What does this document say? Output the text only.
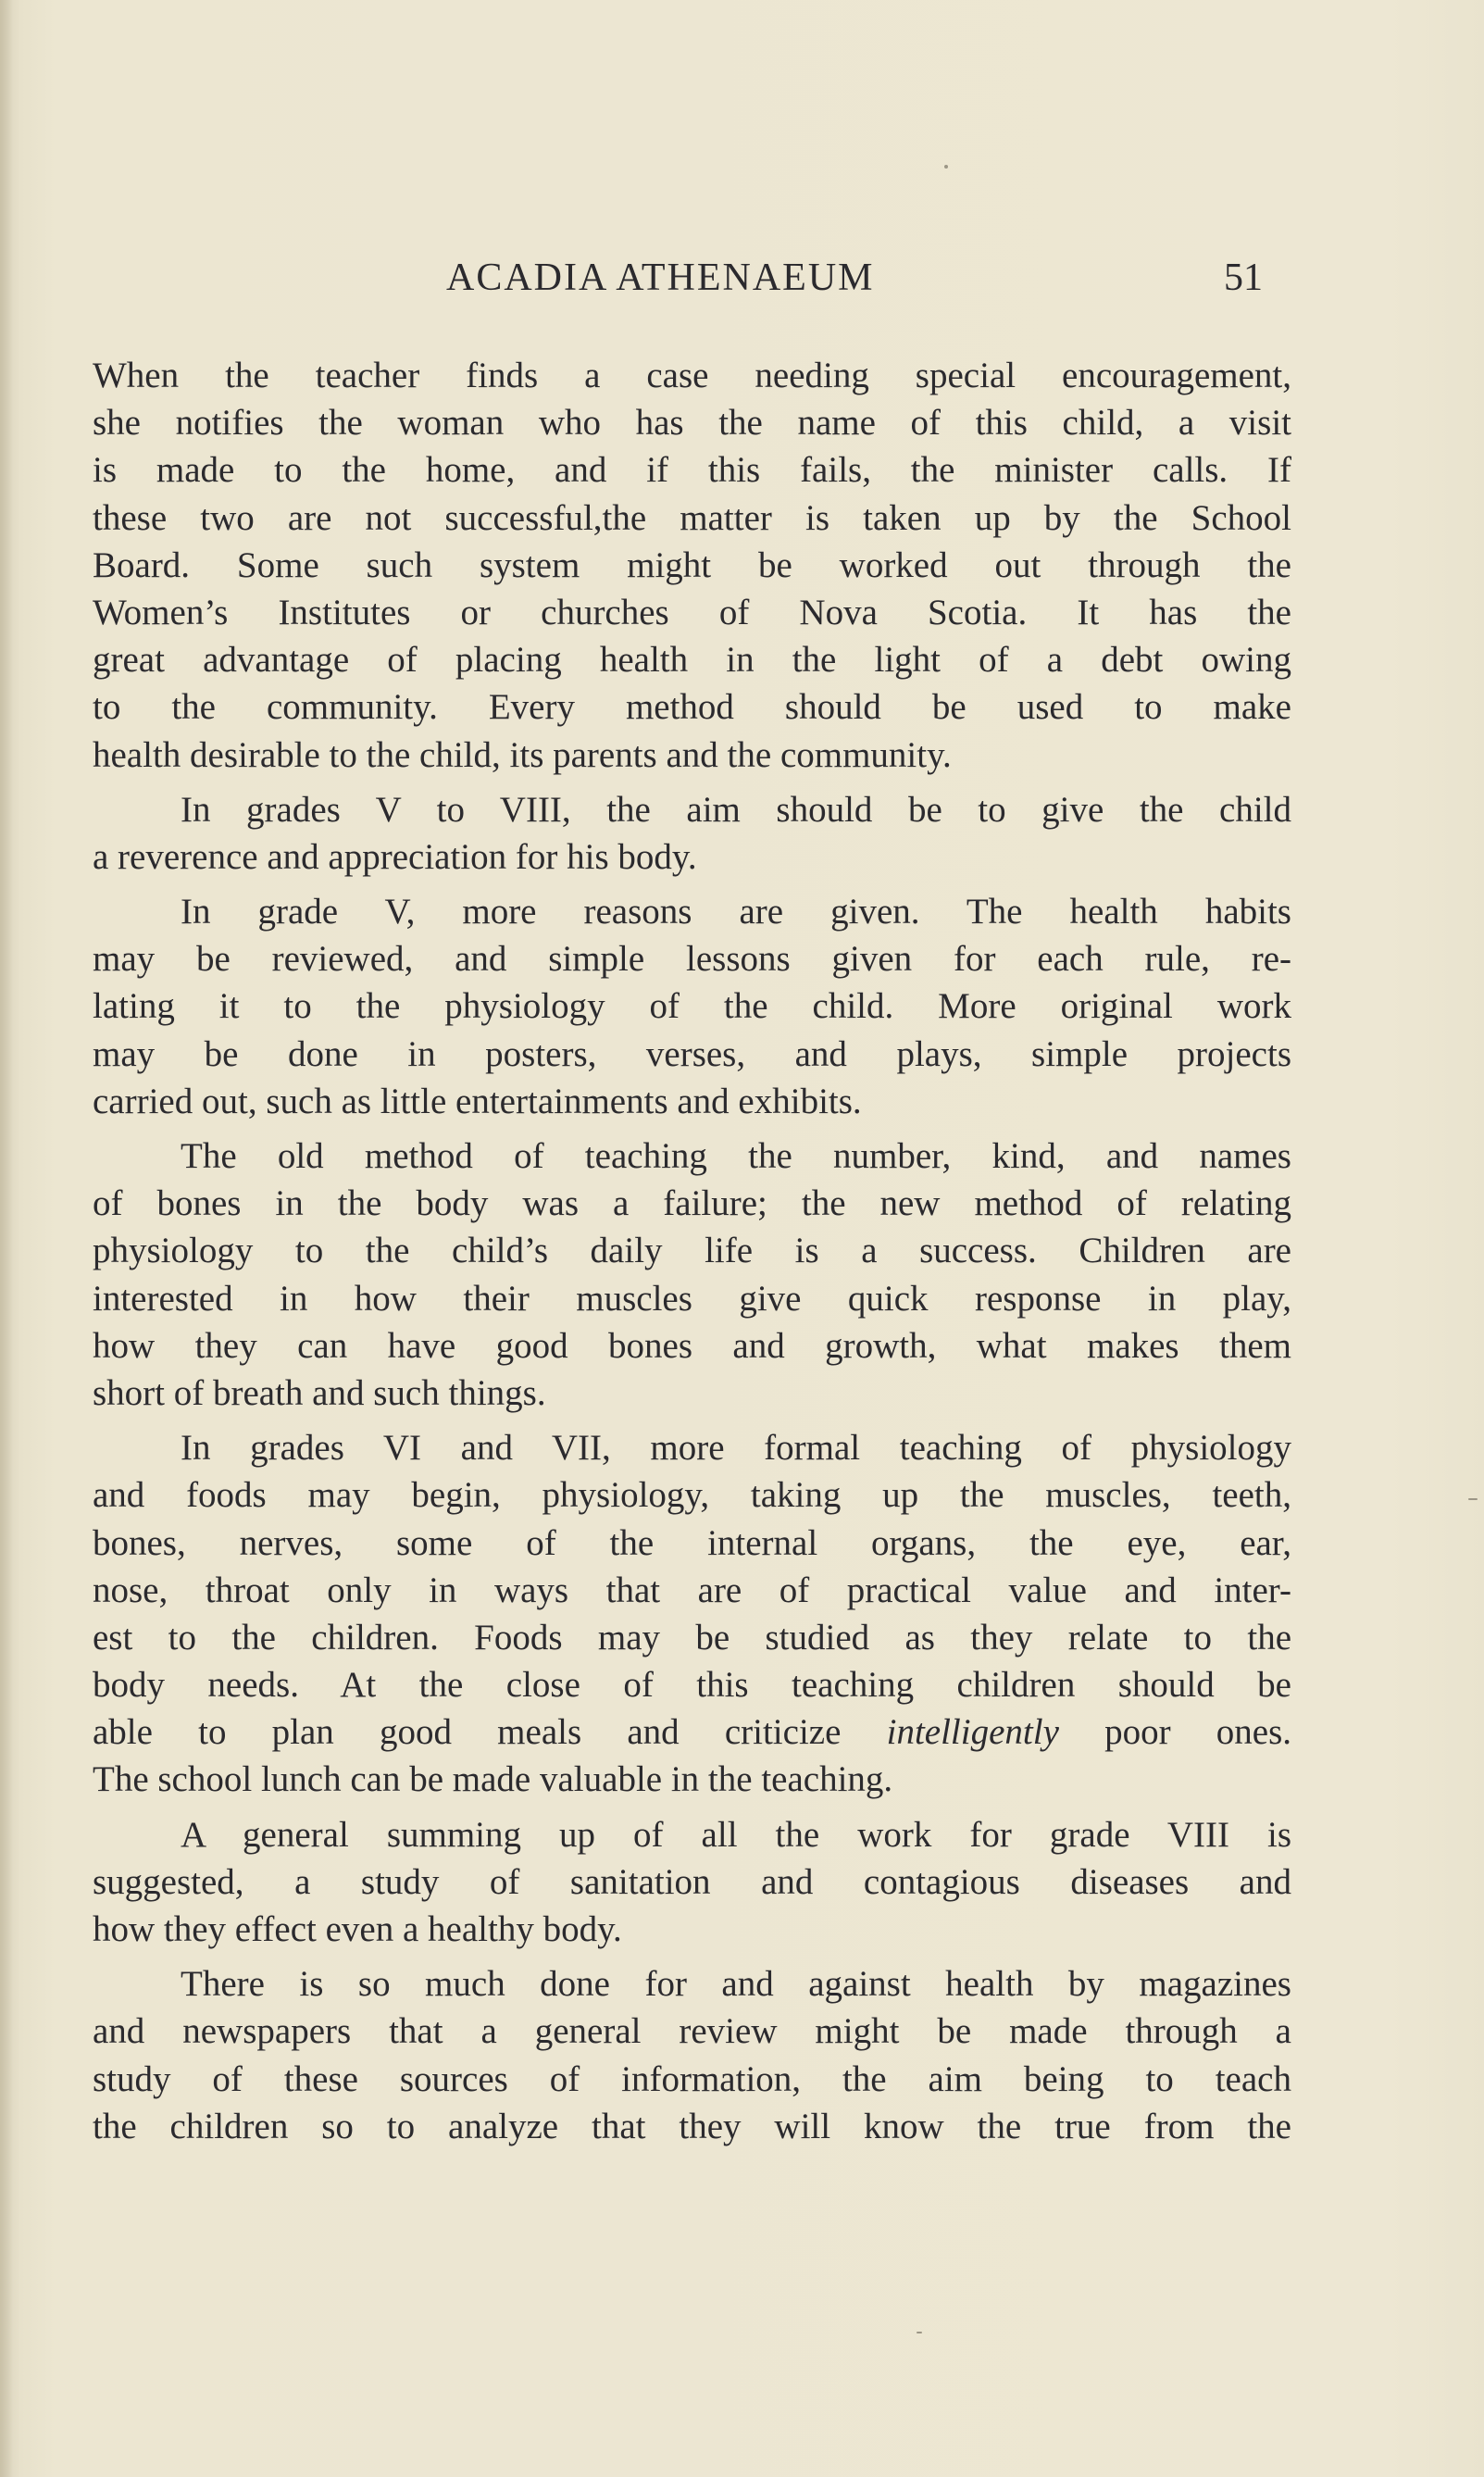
ACADIA ATHENAEUM	51
When the teacher finds a case needing special encouragement,
she notifies the woman who has the name of this child, a visit
is made to the home, and if this fails, the minister calls. If
these two are not successful,the matter is taken up by the School
Board. Some such system might be worked out through the
Women’s Institutes or churches of Nova Scotia. It has the
great advantage of placing health in the light of a debt owing
to the community. Every method should be used to make
health desirable to the child, its parents and the community.
In grades V to VIII, the aim should be to give the child
a reverence and appreciation for his body.
In grade V, more reasons are given. The health habits
may be reviewed, and simple lessons given for each rule, re-
lating it to the physiology of the child. More original work
may be done in posters, verses, and plays, simple projects
carried out, such as little entertainments and exhibits.
The old method of teaching the number, kind, and names
of bones in the body was a failure; the new method of relating
physiology to the child’s daily life is a success. Children are
interested in how their muscles give quick response in play,
how they can have good bones and growth, what makes them
short of breath and such things.
In grades VI and VII, more formal teaching of physiology
and foods may begin, physiology, taking up the muscles, teeth,
bones, nerves, some of the internal organs, the eye, ear,
nose, throat only in ways that are of practical value and inter-
est to the children. Foods may be studied as they relate to the
body needs. At the close of this teaching children should be
able to plan good meals and criticize intelligently poor ones.
The school lunch can be made valuable in the teaching.
A general summing up of all the work for grade VIII is
suggested, a study of sanitation and contagious diseases and
how they effect even a healthy body.
There is so much done for and against health by magazines
and newspapers that a general review might be made through a
study of these sources of information, the aim being to teach
the children so to analyze that they will know the true from the
